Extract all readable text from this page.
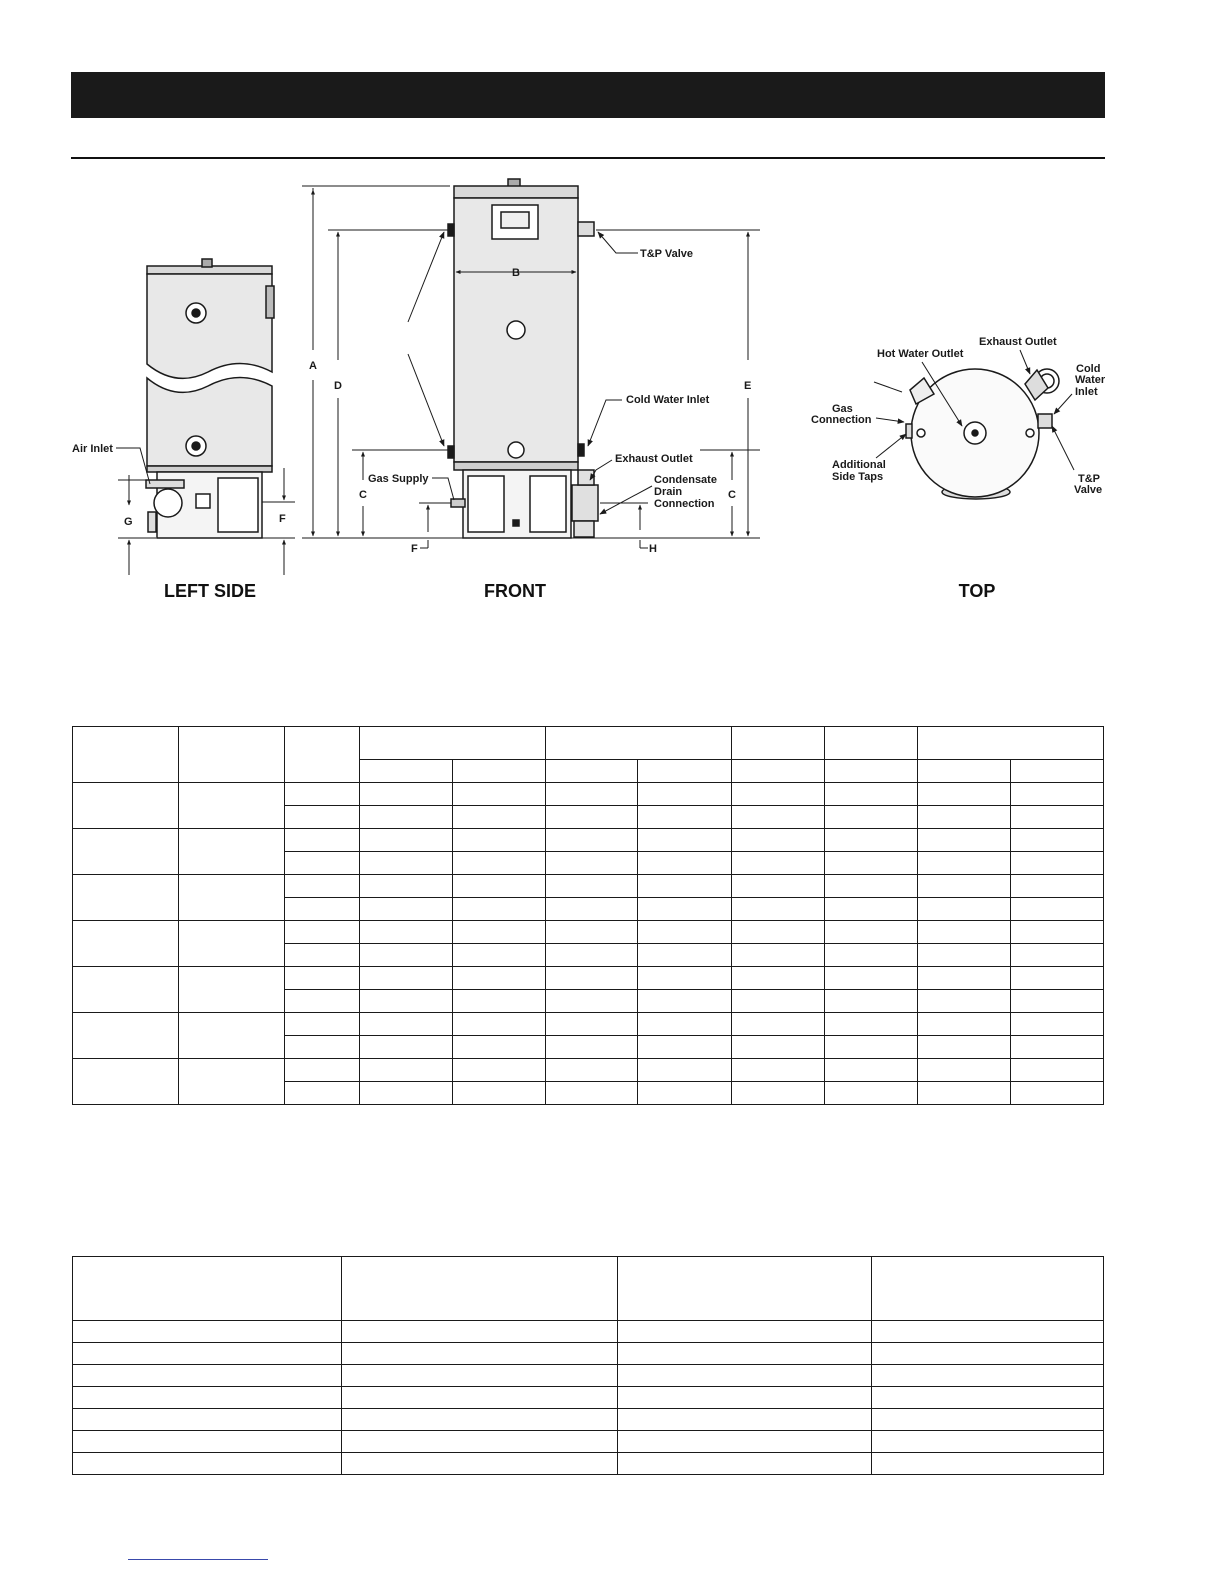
Air Inlet
Gas Supply
T&P Valve
Cold Water Inlet
Exhaust Outlet
Condensate
Drain
Connection
Hot Water Outlet
Exhaust Outlet
Cold
Water
Inlet
Gas
Connection
Additional
Side Taps	T&P
Valve
A
B
C
D	E
C
F
F
G
H
LEFT SIDE	FRONT	TOP
